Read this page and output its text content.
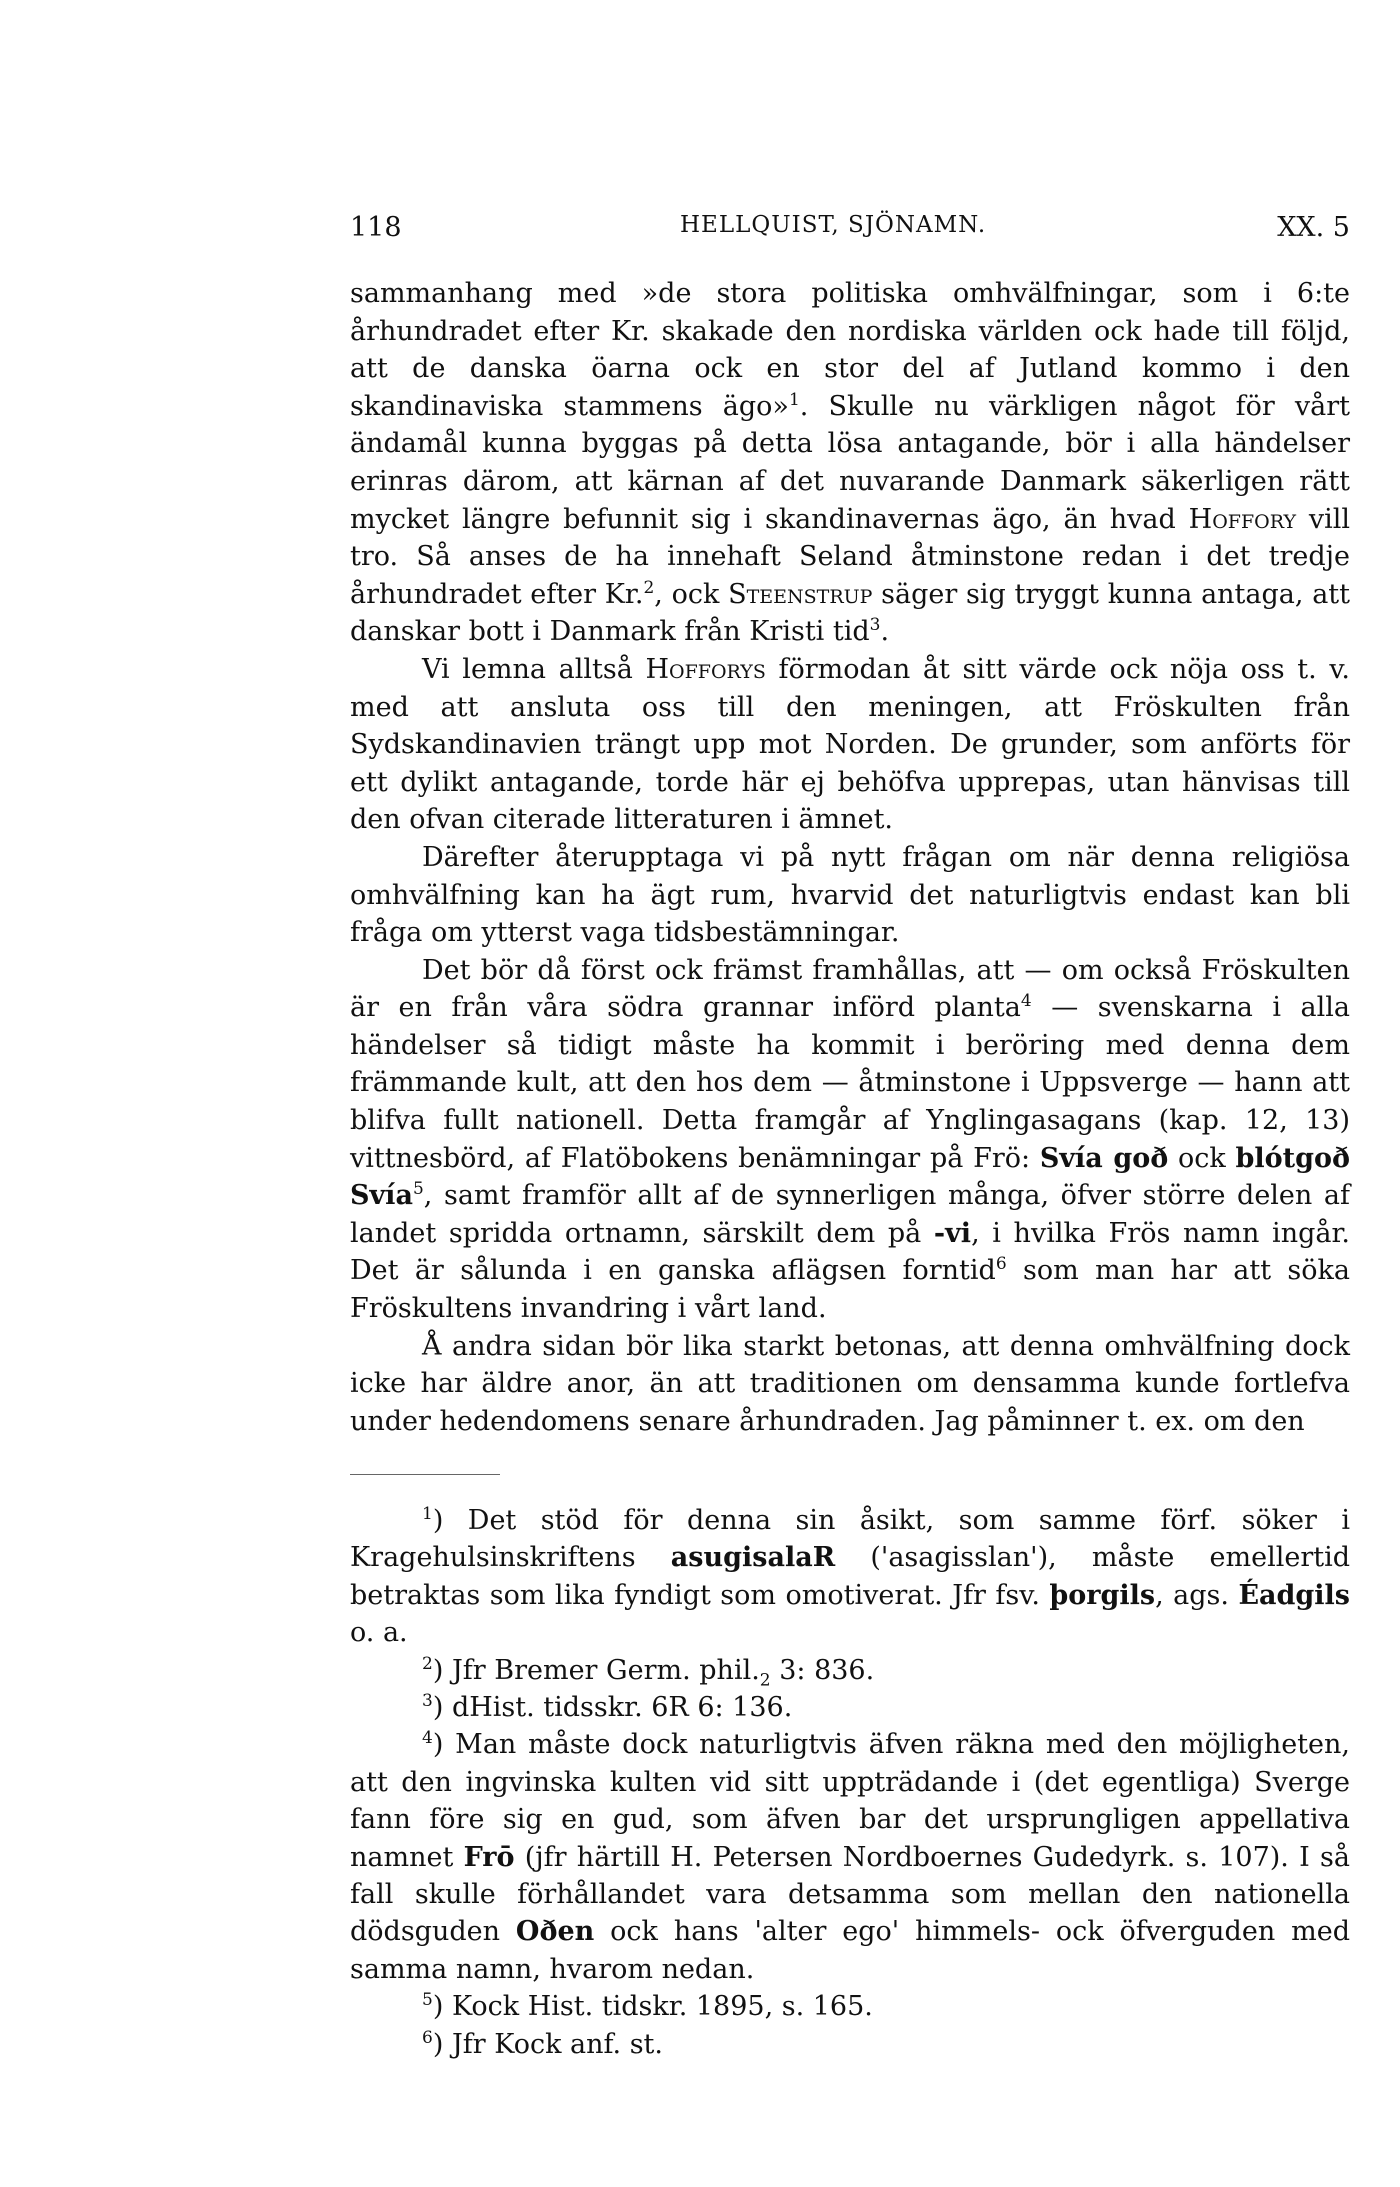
118	HELLQUIST, SJÖNAMN.	XX. 5

sammanhang med »de stora politiska omhvälfningar, som i 6:te århundradet efter Kr. skakade den nordiska världen ock hade till följd, att de danska öarna ock en stor del af Jutland kommo i den skandinaviska stammens ägo»$^1$. Skulle nu värkligen något för vårt ändamål kunna byggas på detta lösa antagande, bör i alla händelser erinras därom, att kärnan af det nuvarande Danmark säkerligen rätt mycket längre befunnit sig i skandinavernas ägo, än hvad Hoffory vill tro. Så anses de ha innehaft Seland åtminstone redan i det tredje århundradet efter Kr.$^2$, ock Steenstrup säger sig tryggt kunna antaga, att danskar bott i Danmark från Kristi tid$^3$.

Vi lemna alltså Hofforys förmodan åt sitt värde ock nöja oss t. v. med att ansluta oss till den meningen, att Fröskulten från Sydskandinavien trängt upp mot Norden. De grunder, som anförts för ett dylikt antagande, torde här ej behöfva upprepas, utan hänvisas till den ofvan citerade litteraturen i ämnet.

Därefter återupptaga vi på nytt frågan om när denna religiösa omhvälfning kan ha ägt rum, hvarvid det naturligtvis endast kan bli fråga om ytterst vaga tidsbestämningar.

Det bör då först ock främst framhållas, att — om också Fröskulten är en från våra södra grannar införd planta$^4$ — svenskarna i alla händelser så tidigt måste ha kommit i beröring med denna dem främmande kult, att den hos dem — åtminstone i Uppsverge — hann att blifva fullt nationell. Detta framgår af Ynglingasagans (kap. 12, 13) vittnesbörd, af Flatöbokens benämningar på Frö: Svía goð ock blótgoð Svía$^5$, samt framför allt af de synnerligen många, öfver större delen af landet spridda ortnamn, särskilt dem på -vi, i hvilka Frös namn ingår. Det är sålunda i en ganska aflägsen forntid$^6$ som man har att söka Fröskultens invandring i vårt land.

Å andra sidan bör lika starkt betonas, att denna omhvälfning dock icke har äldre anor, än att traditionen om densamma kunde fortlefva under hedendomens senare århundraden. Jag påminner t. ex. om den

$^1$) Det stöd för denna sin åsikt, som samme förf. söker i Kragehulsinskriftens asugisalaR ('asagisslan'), måste emellertid betraktas som lika fyndigt som omotiverat. Jfr fsv. þorgils, ags. Éadgils o. a.

$^2$) Jfr Bremer Germ. $phil._2$ 3: 836.

$^3$) dHist. tidsskr. 6R 6: 136.

$^4$) Man måste dock naturligtvis äfven räkna med den möjligheten, att den ingvinska kulten vid sitt uppträdande i (det egentliga) Sverge fann före sig en gud, som äfven bar det ursprungligen appellativa namnet Frō (jfr härtill H. Petersen Nordboernes Gudedyrk. s. 107). I så fall skulle förhållandet vara detsamma som mellan den nationella dödsguden Oðen ock hans 'alter ego' himmels- ock öfverguden med samma namn, hvarom nedan.

$^5$) Kock Hist. tidskr. 1895, s. 165.

$^6$) Jfr Kock anf. st.
